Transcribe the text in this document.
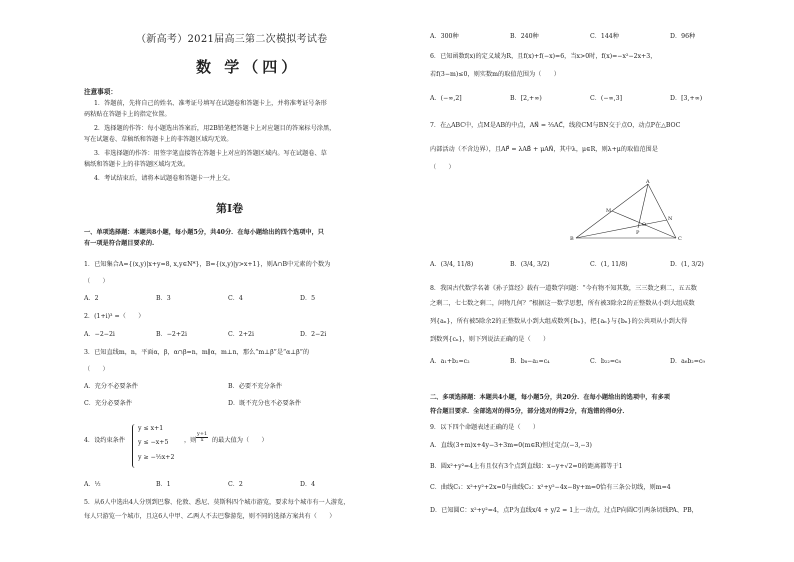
（新高考）2021届高三第二次模拟考试卷
数 学（四）
注意事项：
1．答题前，先将自己的姓名、准考证号填写在试题卷和答题卡上，并将准考证号条形
码粘贴在答题卡上的指定位置。
2．选择题的作答：每小题选出答案后，用2B铅笔把答题卡上对应题目的答案标号涂黑，
写在试题卷、草稿纸和答题卡上的非答题区域均无效。
3．非选择题的作答：用签字笔直接答在答题卡上对应的答题区域内。写在试题卷、草
稿纸和答题卡上的非答题区域均无效。
4．考试结束后，请将本试题卷和答题卡一并上交。
第Ⅰ卷
一、单项选择题：本题共8小题，每小题5分，共40分．在每小题给出的四个选项中，只
有一项是符合题目要求的.
1．已知集合A={(x,y)|x+y=8, x,y∈N*}，B={(x,y)|y>x+1}，则A∩B中元素的个数为
（　　）
A．2	B．3	C．4	D．5
2．(1+i)³ =（　　）
A．−2−2i	B．−2+2i	C．2+2i	D．2−2i
3．已知直线m，n，平面α，β，α∩β=n，m∥α，m⊥n，那么“m⊥β”是“α⊥β”的
（　　）
A．充分不必要条件	B．必要不充分条件
C．充分必要条件	D．既不充分也不必要条件
4．设约束条件
y ≤ x+1
y ≤ −x+5
y ≥ −½x+2
，则 $\frac{y+1}{x}$ 的最大值为（　　）
A．½	B．1	C．2	D．4
5．从6人中选出4人分别到巴黎、伦敦、悉尼、莫斯科四个城市游览，要求每个城市有一人游览，
每人只游览一个城市，且这6人中甲、乙两人不去巴黎游览，则不同的选择方案共有（　　）
A．300种	B．240种	C．144种	D．96种
6．已知函数f(x)的定义域为R，且f(x)+f(−x)=6，当x>0时，f(x)=−x²−2x+3，
若f(3−m)≤0，则实数m的取值范围为（　　）
A．(−∞,2]	B．[2,+∞)	C．(−∞,3]	D．[3,+∞)
7．在△ABC中，点M是AB的中点，AN⃗ = ⅔AC⃗，线段CM与BN交于点O，动点P在△BOC
内部活动（不含边界），且AP⃗ = λAB⃗ + μAN⃗，其中λ，μ∈R，则λ+μ的取值范围是
（　　）
A
M
N
O
P
B	C
A．(3/4, 11/8)	B．(3/4, 3/2)	C．(1, 11/8)	D．(1, 3/2)
8．我国古代数学名著《孙子算经》载有一道数学问题：“今有物不知其数，三三数之剩二，五五数
之剩二，七七数之剩二，问物几何？”根据这一数学思想，所有被3除余2的正整数从小到大组成数
列{aₙ}，所有被5除余2的正整数从小到大组成数列{bₙ}，把{aₙ}与{bₙ}的公共项从小到大得
到数列{cₙ}，则下列说法正确的是（　　）
A．a₁+b₂=c₂	B．b₈−a₂=c₄	C．b₂₂=c₈	D．a₆b₂=c₉
二、多项选择题：本题共4小题，每小题5分，共20分．在每小题给出的选项中，有多项
符合题目要求．全部选对的得5分，部分选对的得2分，有选错的得0分．
9．以下四个命题表述正确的是（　　）
A．直线(3+m)x+4y−3+3m=0(m∈R)恒过定点(−3,−3)
B．圆x²+y²=4上有且仅有3个点到直线l：x−y+√2=0的距离都等于1
C．曲线C₁：x²+y²+2x=0与曲线C₂：x²+y²−4x−8y+m=0恰有三条公切线，则m=4
D．已知圆C：x²+y²=4，点P为直线x/4 + y/2 = 1上一动点，过点P向圆C引两条切线PA、PB，
